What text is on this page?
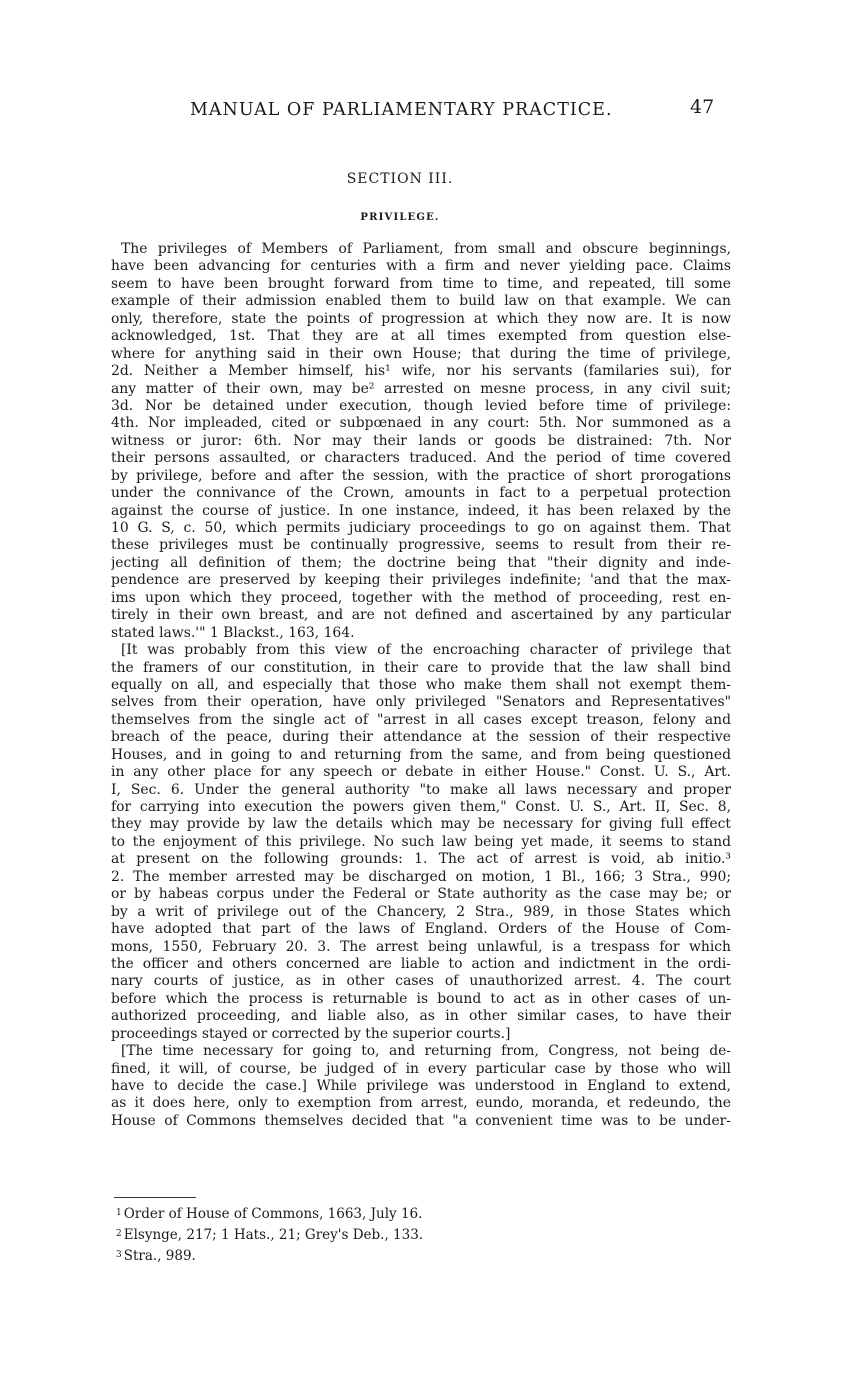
MANUAL OF PARLIAMENTARY PRACTICE.	47
SECTION III.
PRIVILEGE.
The privileges of Members of Parliament, from small and obscure beginnings,
have been advancing for centuries with a firm and never yielding pace. Claims
seem to have been brought forward from time to time, and repeated, till some
example of their admission enabled them to build law on that example. We can
only, therefore, state the points of progression at which they now are. It is now
acknowledged, 1st. That they are at all times exempted from question else-
where for anything said in their own House; that during the time of privilege,
2d. Neither a Member himself, his¹ wife, nor his servants (familaries sui), for
any matter of their own, may be² arrested on mesne process, in any civil suit;
3d. Nor be detained under execution, though levied before time of privilege:
4th. Nor impleaded, cited or subpœnaed in any court: 5th. Nor summoned as a
witness or juror: 6th. Nor may their lands or goods be distrained: 7th. Nor
their persons assaulted, or characters traduced. And the period of time covered
by privilege, before and after the session, with the practice of short prorogations
under the connivance of the Crown, amounts in fact to a perpetual protection
against the course of justice. In one instance, indeed, it has been relaxed by the
10 G. S, c. 50, which permits judiciary proceedings to go on against them. That
these privileges must be continually progressive, seems to result from their re-
jecting all definition of them; the doctrine being that "their dignity and inde-
pendence are preserved by keeping their privileges indefinite; 'and that the max-
ims upon which they proceed, together with the method of proceeding, rest en-
tirely in their own breast, and are not defined and ascertained by any particular
stated laws.'" 1 Blackst., 163, 164.
[It was probably from this view of the encroaching character of privilege that
the framers of our constitution, in their care to provide that the law shall bind
equally on all, and especially that those who make them shall not exempt them-
selves from their operation, have only privileged "Senators and Representatives"
themselves from the single act of "arrest in all cases except treason, felony and
breach of the peace, during their attendance at the session of their respective
Houses, and in going to and returning from the same, and from being questioned
in any other place for any speech or debate in either House." Const. U. S., Art.
I, Sec. 6. Under the general authority "to make all laws necessary and proper
for carrying into execution the powers given them," Const. U. S., Art. II, Sec. 8,
they may provide by law the details which may be necessary for giving full effect
to the enjoyment of this privilege. No such law being yet made, it seems to stand
at present on the following grounds: 1. The act of arrest is void, ab initio.³
2. The member arrested may be discharged on motion, 1 Bl., 166; 3 Stra., 990;
or by habeas corpus under the Federal or State authority as the case may be; or
by a writ of privilege out of the Chancery, 2 Stra., 989, in those States which
have adopted that part of the laws of England. Orders of the House of Com-
mons, 1550, February 20. 3. The arrest being unlawful, is a trespass for which
the officer and others concerned are liable to action and indictment in the ordi-
nary courts of justice, as in other cases of unauthorized arrest. 4. The court
before which the process is returnable is bound to act as in other cases of un-
authorized proceeding, and liable also, as in other similar cases, to have their
proceedings stayed or corrected by the superior courts.]
[The time necessary for going to, and returning from, Congress, not being de-
fined, it will, of course, be judged of in every particular case by those who will
have to decide the case.] While privilege was understood in England to extend,
as it does here, only to exemption from arrest, eundo, moranda, et redeundo, the
House of Commons themselves decided that "a convenient time was to be under-
$^1$ Order of House of Commons, 1663, July 16.
$^2$ Elsynge, 217; 1 Hats., 21; Grey's Deb., 133.
$^3$ Stra., 989.
